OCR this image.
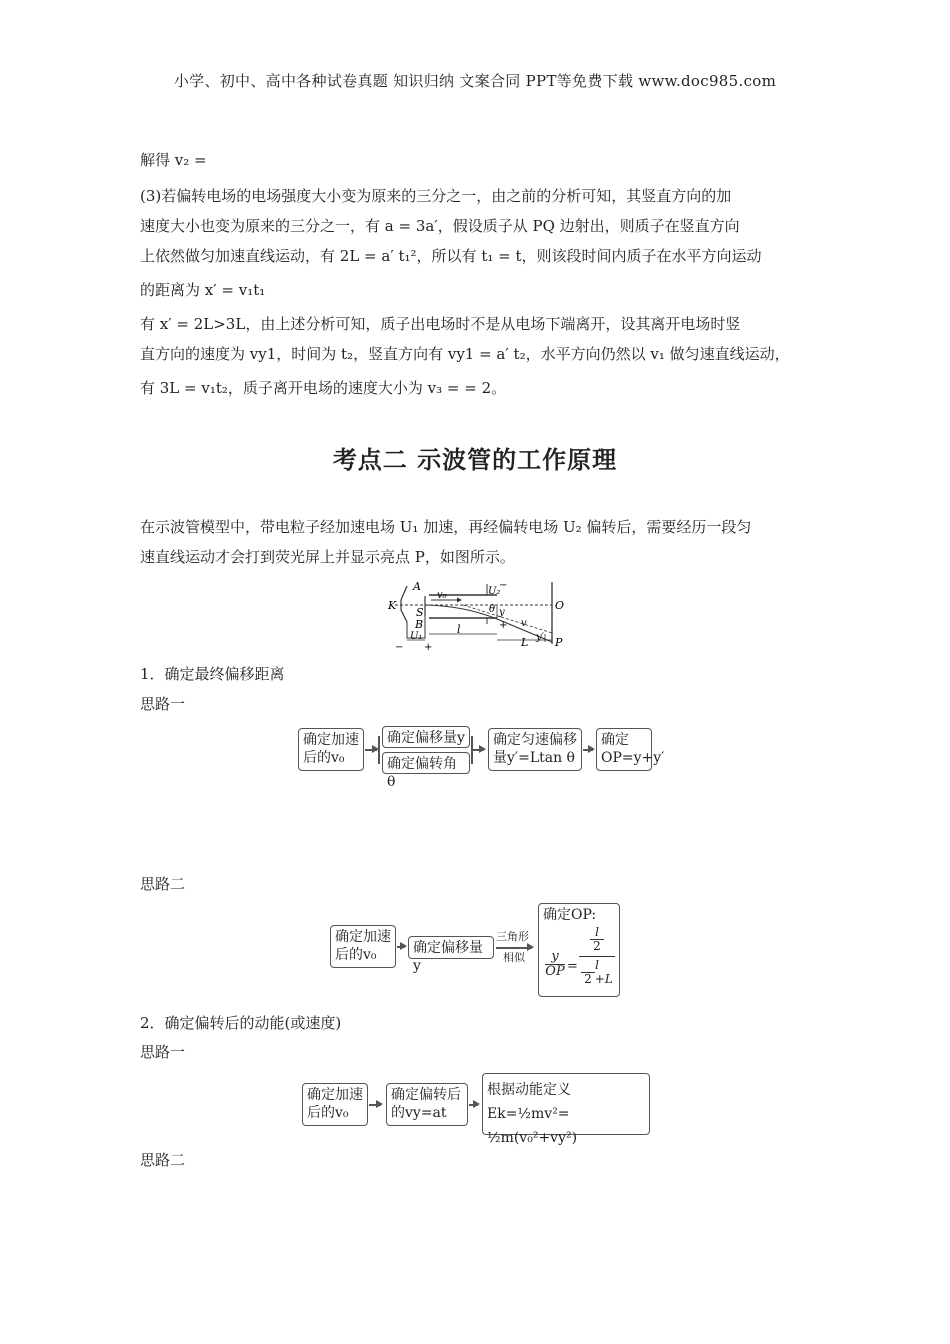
小学、初中、高中各种试卷真题 知识归纳 文案合同 PPT等免费下载 www.doc985.com
解得 v₂ =
(3)若偏转电场的电场强度大小变为原来的三分之一，由之前的分析可知，其竖直方向的加
速度大小也变为原来的三分之一，有 a = 3a′，假设质子从 PQ 边射出，则质子在竖直方向
上依然做匀加速直线运动，有 2L = a′ t₁²，所以有 t₁ = t，则该段时间内质子在水平方向运动
的距离为 x′ = v₁t₁
有 x′ = 2L>3L，由上述分析可知，质子出电场时不是从电场下端离开，设其离开电场时竖
直方向的速度为 vy1，时间为 t₂，竖直方向有 vy1 = a′ t₂，水平方向仍然以 v₁ 做匀速直线运动，
有 3L = v₁t₂，质子离开电场的速度大小为 v₃ = = 2。
考点二 示波管的工作原理
在示波管模型中，带电粒子经加速电场 U₁ 加速，再经偏转电场 U₂ 偏转后，需要经历一段匀
速直线运动才会打到荧光屏上并显示亮点 P，如图所示。
A
B
K
S
O
P
U₂
−
+
U₁
− +
l
L
v₀
v
y
y′
θ
1．确定最终偏移距离
思路一
确定加速后的v₀
确定偏移量y
确定偏转角 θ
确定匀速偏移量y′=Ltan θ
确定OP=y+y′
思路二
确定加速后的v₀	确定偏移量y
三角形
相似
确定OP:
$\frac{y}{OP}$ =
l
2
l
2 +L
2．确定偏转后的动能(或速度)
思路一
确定加速后的v₀
确定偏转后的vy=at
根据动能定义Ek=½mv²=
½m(v₀²+vy²)
思路二
